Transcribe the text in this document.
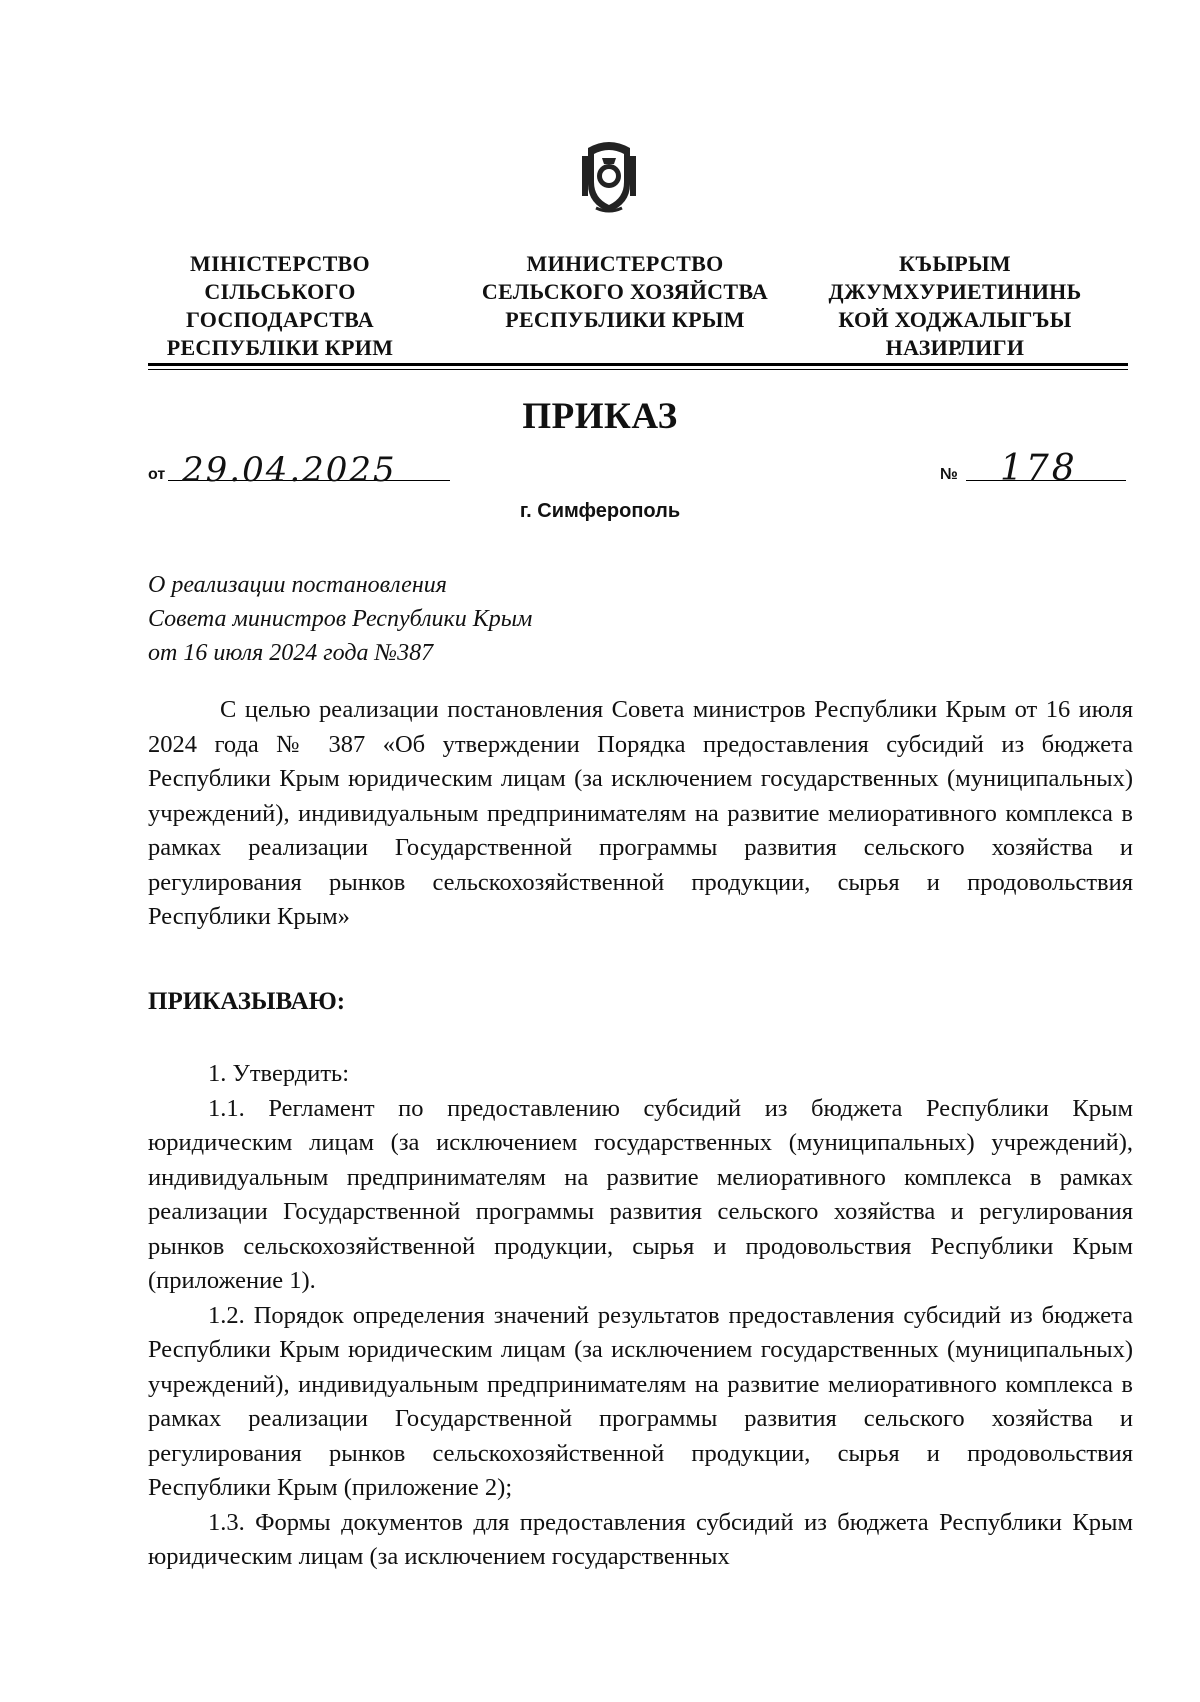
МІНІСТЕРСТВО
СІЛЬСЬКОГО
ГОСПОДАРСТВА
РЕСПУБЛІКИ КРИМ
МИНИСТЕРСТВО
СЕЛЬСКОГО ХОЗЯЙСТВА
РЕСПУБЛИКИ КРЫМ
КЪЫРЫМ
ДЖУМХУРИЕТИНИНЬ
КОЙ ХОДЖАЛЫГЪЫ
НАЗИРЛИГИ
ПРИКАЗ
от 29.04.2025	№ 178
г. Симферополь
О реализации постановления
Совета министров Республики Крым
от 16 июля 2024 года №387
С целью реализации постановления Совета министров Республики Крым от 16 июля 2024 года № 387 «Об утверждении Порядка предоставления субсидий из бюджета Республики Крым юридическим лицам (за исключением государственных (муниципальных) учреждений), индивидуальным предпринимателям на развитие мелиоративного комплекса в рамках реализации Государственной программы развития сельского хозяйства и регулирования рынков сельскохозяйственной продукции, сырья и продовольствия Республики Крым»
ПРИКАЗЫВАЮ:

1. Утвердить:

1.1. Регламент по предоставлению субсидий из бюджета Республики Крым юридическим лицам (за исключением государственных (муниципальных) учреждений), индивидуальным предпринимателям на развитие мелиоративного комплекса в рамках реализации Государственной программы развития сельского хозяйства и регулирования рынков сельскохозяйственной продукции, сырья и продовольствия Республики Крым (приложение 1).

1.2. Порядок определения значений результатов предоставления субсидий из бюджета Республики Крым юридическим лицам (за исключением государственных (муниципальных) учреждений), индивидуальным предпринимателям на развитие мелиоративного комплекса в рамках реализации Государственной программы развития сельского хозяйства и регулирования рынков сельскохозяйственной продукции, сырья и продовольствия Республики Крым (приложение 2);

1.3. Формы документов для предоставления субсидий из бюджета Республики Крым юридическим лицам (за исключением государственных
